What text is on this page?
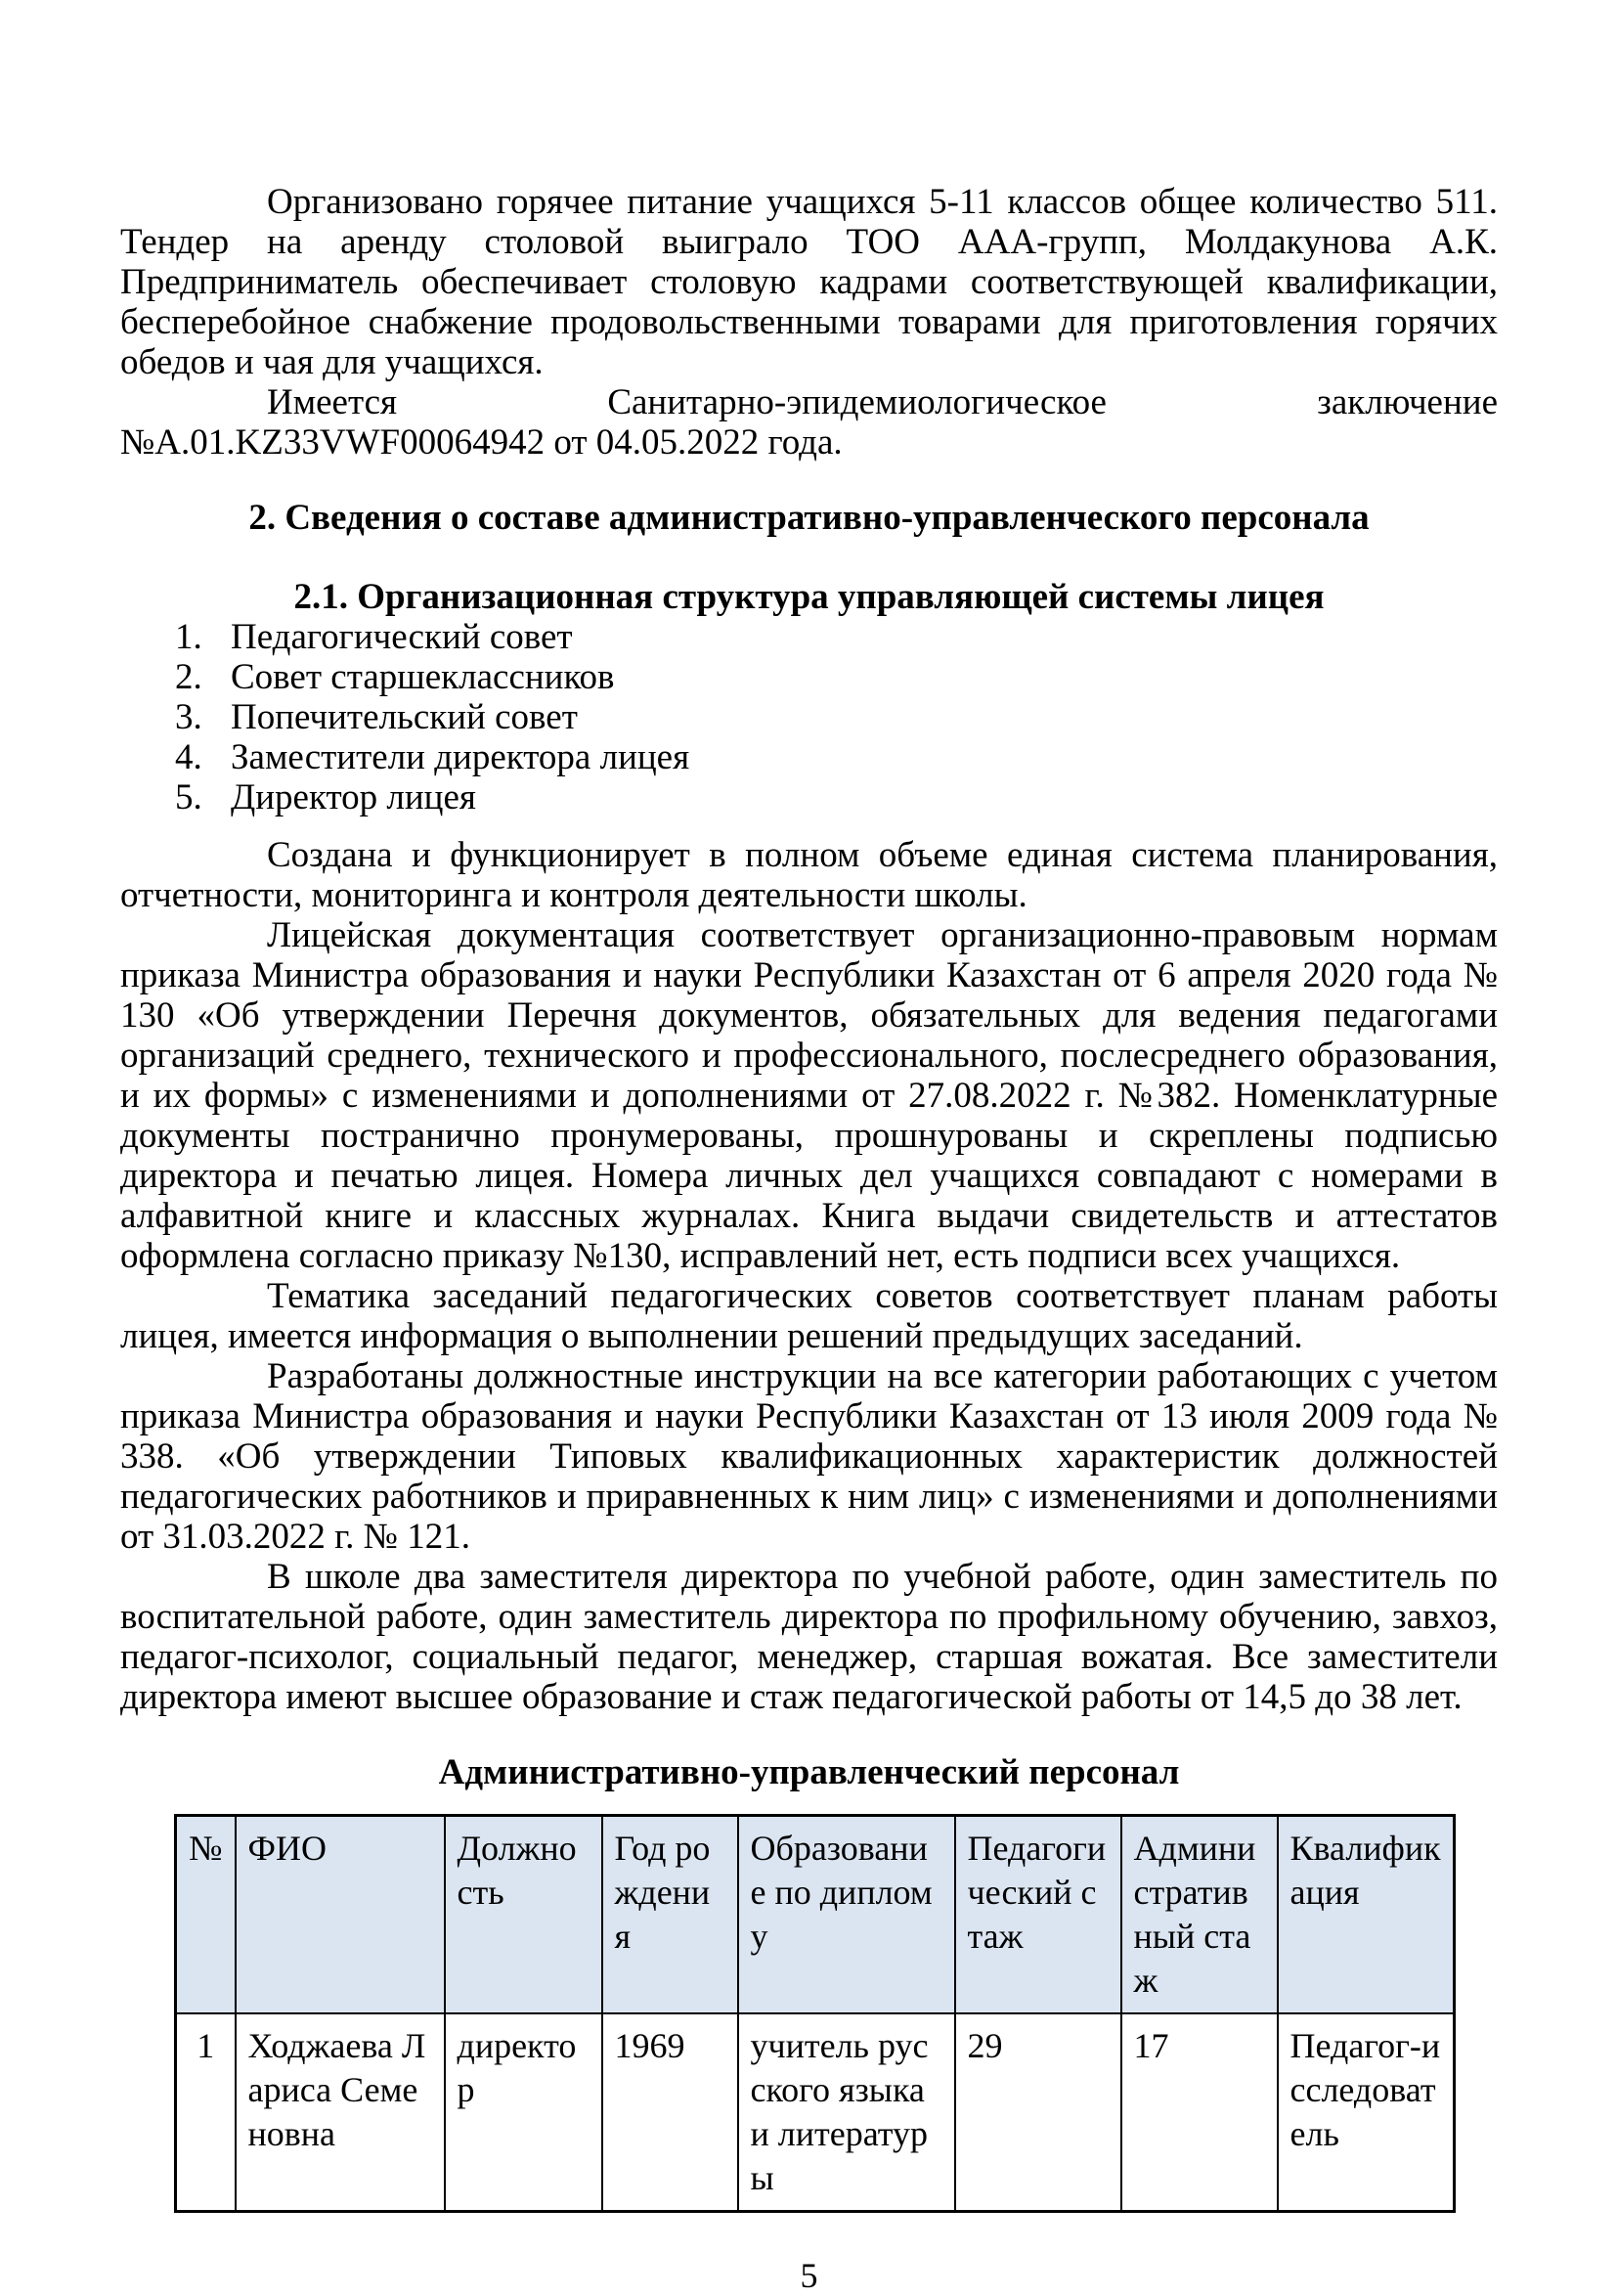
Организовано горячее питание учащихся 5-11 классов общее количество 511. Тендер на аренду столовой выиграло ТОО ААА-групп, Молдакунова А.К. Предприниматель обеспечивает столовую кадрами соответствующей квалификации, бесперебойное снабжение продовольственными товарами для приготовления горячих обедов и чая для учащихся.

Имеется Санитарно-эпидемиологическое заключение №А.01.KZ33VWF00064942 от 04.05.2022 года.

2. Сведения о составе административно-управленческого персонала
2.1. Организационная структура управляющей системы лицея
1. Педагогический совет
2. Совет старшеклассников
3. Попечительский совет
4. Заместители директора лицея
5. Директор лицея

Создана и функционирует в полном объеме единая система планирования, отчетности, мониторинга и контроля деятельности школы.

Лицейская документация соответствует организационно-правовым нормам приказа Министра образования и науки Республики Казахстан от 6 апреля 2020 года № 130 «Об утверждении Перечня документов, обязательных для ведения педагогами организаций среднего, технического и профессионального, послесреднего образования, и их формы» с изменениями и дополнениями от 27.08.2022 г. №382. Номенклатурные документы постранично пронумерованы, прошнурованы и скреплены подписью директора и печатью лицея. Номера личных дел учащихся совпадают с номерами в алфавитной книге и классных журналах. Книга выдачи свидетельств и аттестатов оформлена согласно приказу №130, исправлений нет, есть подписи всех учащихся.

Тематика заседаний педагогических советов соответствует планам работы лицея, имеется информация о выполнении решений предыдущих заседаний.

Разработаны должностные инструкции на все категории работающих с учетом приказа Министра образования и науки Республики Казахстан от 13 июля 2009 года № 338. «Об утверждении Типовых квалификационных характеристик должностей педагогических работников и приравненных к ним лиц» с изменениями и дополнениями от 31.03.2022 г. № 121.

В школе два заместителя директора по учебной работе, один заместитель по воспитательной работе, один заместитель директора по профильному обучению, завхоз, педагог-психолог, социальный педагог, менеджер, старшая вожатая. Все заместители директора имеют высшее образование и стаж педагогической работы от 14,5 до 38 лет.

Административно-управленческий персонал
№	ФИО	Должность	Год рождения	Образование по диплому	Педагогический стаж	Административный стаж	Квалификация
1	Ходжаева Лариса Семеновна	директор	1969	учитель русского языка и литературы	29	17	Педагог-исследователь
5
